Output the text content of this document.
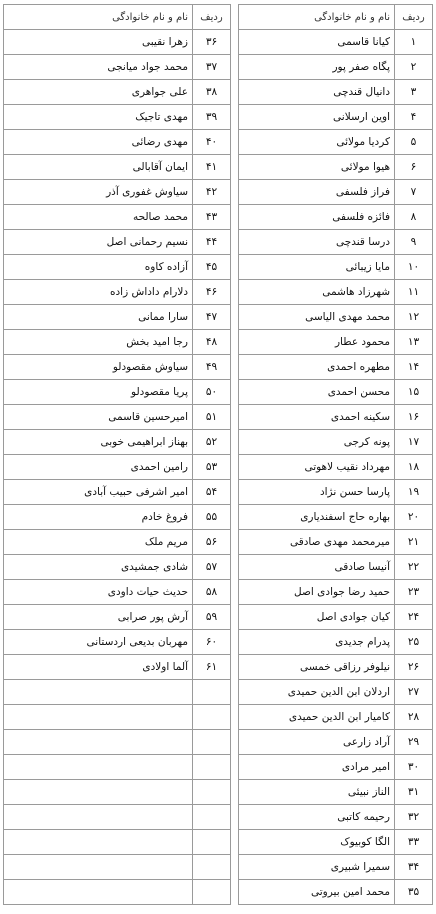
ردیف	نام و نام خانوادگی		ردیف	نام و نام خانوادگی
۱	کیانا قاسمی		۳۶	زهرا نقیبی
۲	پگاه صفر پور		۳۷	محمد جواد میانجی
۳	دانیال قندچی		۳۸	علی جواهری
۴	اوین ارسلانی		۳۹	مهدی تاجیک
۵	کردیا مولائی		۴۰	مهدی رضائی
۶	هیوا مولائی		۴۱	ایمان آقابالی
۷	فراز فلسفی		۴۲	سیاوش غفوری آذر
۸	فائزه فلسفی		۴۳	محمد صالحه
۹	درسا قندچی		۴۴	نسیم رحمانی اصل
۱۰	مایا زیبائی		۴۵	آزاده کاوه
۱۱	شهرزاد هاشمی		۴۶	دلارام داداش زاده
۱۲	محمد مهدی الیاسی		۴۷	سارا ممانی
۱۳	محمود عطار		۴۸	رجا امید بخش
۱۴	مطهره احمدی		۴۹	سیاوش مقصودلو
۱۵	محسن احمدی		۵۰	پریا مقصودلو
۱۶	سکینه احمدی		۵۱	امیرحسین قاسمی
۱۷	پونه کرجی		۵۲	بهناز ابراهیمی خوبی
۱۸	مهرداد نقیب لاهوتی		۵۳	رامین احمدی
۱۹	پارسا حسن نژاد		۵۴	امیر اشرفی حبیب آبادی
۲۰	بهاره حاج اسفندیاری		۵۵	فروغ خادم
۲۱	میرمحمد مهدی صادقی		۵۶	مریم ملک
۲۲	آنیسا صادقی		۵۷	شادی جمشیدی
۲۳	حمید رضا جوادی اصل		۵۸	حدیث حیات داودی
۲۴	کیان جوادی اصل		۵۹	آرش پور صرابی
۲۵	پدرام جدیدی		۶۰	مهربان بدیعی اردستانی
۲۶	نیلوفر رزاقی خمسی		۶۱	آلما اولادی
۲۷	اردلان ابن الدین حمیدی			
۲۸	کامیار ابن الدین حمیدی			
۲۹	آراد زارعی			
۳۰	امیر مرادی			
۳۱	الناز نبیئی			
۳۲	رحیمه کاتبی			
۳۳	الگا کوبیوک			
۳۴	سمیرا شبیری			
۳۵	محمد امین بیروتی			
